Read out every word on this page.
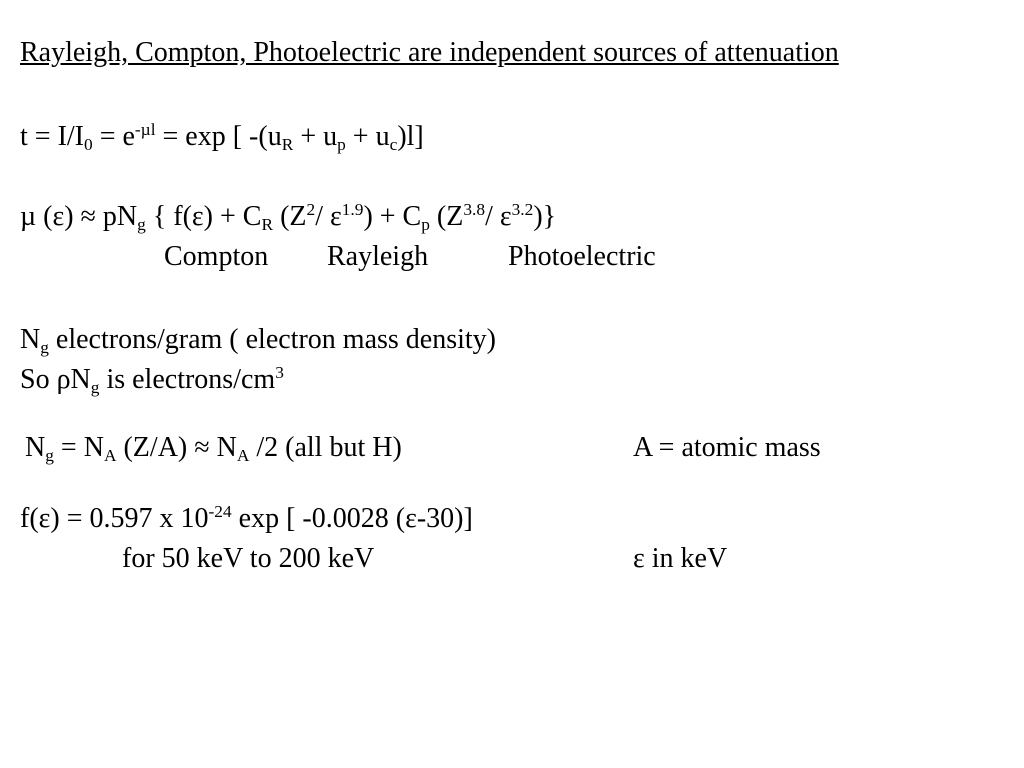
Rayleigh, Compton, Photoelectric are independent sources of attenuation
$t = I/I_0 = e^{-\mu l} = \exp$ [ $-(u_R + u_p + u_c)l$]
µ $(\varepsilon) \approx pN_g$ { $f(\varepsilon) + C_R$ ($Z^2/$ $\varepsilon^{1.9}) + C_p$ ($Z^{3.8}/$ $\varepsilon^{3.2}$)}
Compton Rayleigh	Photoelectric
$N_g$ electrons/gram ( electron mass density)
So $\rho N_g$ is electrons/$cm^3$
$N_g = N_A$ $(Z/A) \approx N_A$ /2 (all but H)	A = atomic mass
f(ε) = 0.597 x $10^{-24}$ exp [ -0.0028 (ε-30)]
for 50 keV to 200 keV	ε in keV
